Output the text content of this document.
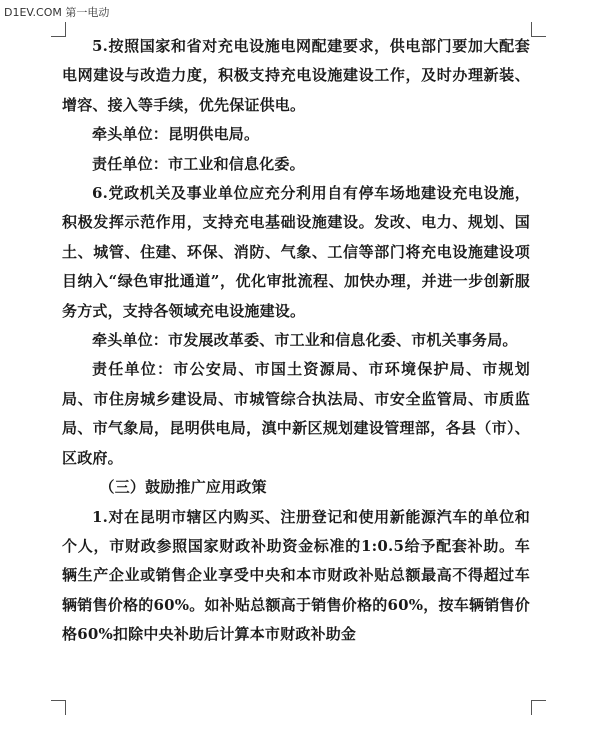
D1EV.COM 第一电动

5.按照国家和省对充电设施电网配建要求，供电部门要加大配套电网建设与改造力度，积极支持充电设施建设工作，及时办理新装、增容、接入等手续，优先保证供电。

牵头单位：昆明供电局。

责任单位：市工业和信息化委。

6.党政机关及事业单位应充分利用自有停车场地建设充电设施，积极发挥示范作用，支持充电基础设施建设。发改、电力、规划、国土、城管、住建、环保、消防、气象、工信等部门将充电设施建设项目纳入“绿色审批通道”，优化审批流程、加快办理，并进一步创新服务方式，支持各领域充电设施建设。

牵头单位：市发展改革委、市工业和信息化委、市机关事务局。

责任单位：市公安局、市国土资源局、市环境保护局、市规划局、市住房城乡建设局、市城管综合执法局、市安全监管局、市质监局、市气象局，昆明供电局，滇中新区规划建设管理部，各县（市）、区政府。

（三）鼓励推广应用政策

1.对在昆明市辖区内购买、注册登记和使用新能源汽车的单位和个人，市财政参照国家财政补助资金标准的1:0.5给予配套补助。车辆生产企业或销售企业享受中央和本市财政补贴总额最高不得超过车辆销售价格的60%。如补贴总额高于销售价格的60%，按车辆销售价格60%扣除中央补助后计算本市财政补助金
